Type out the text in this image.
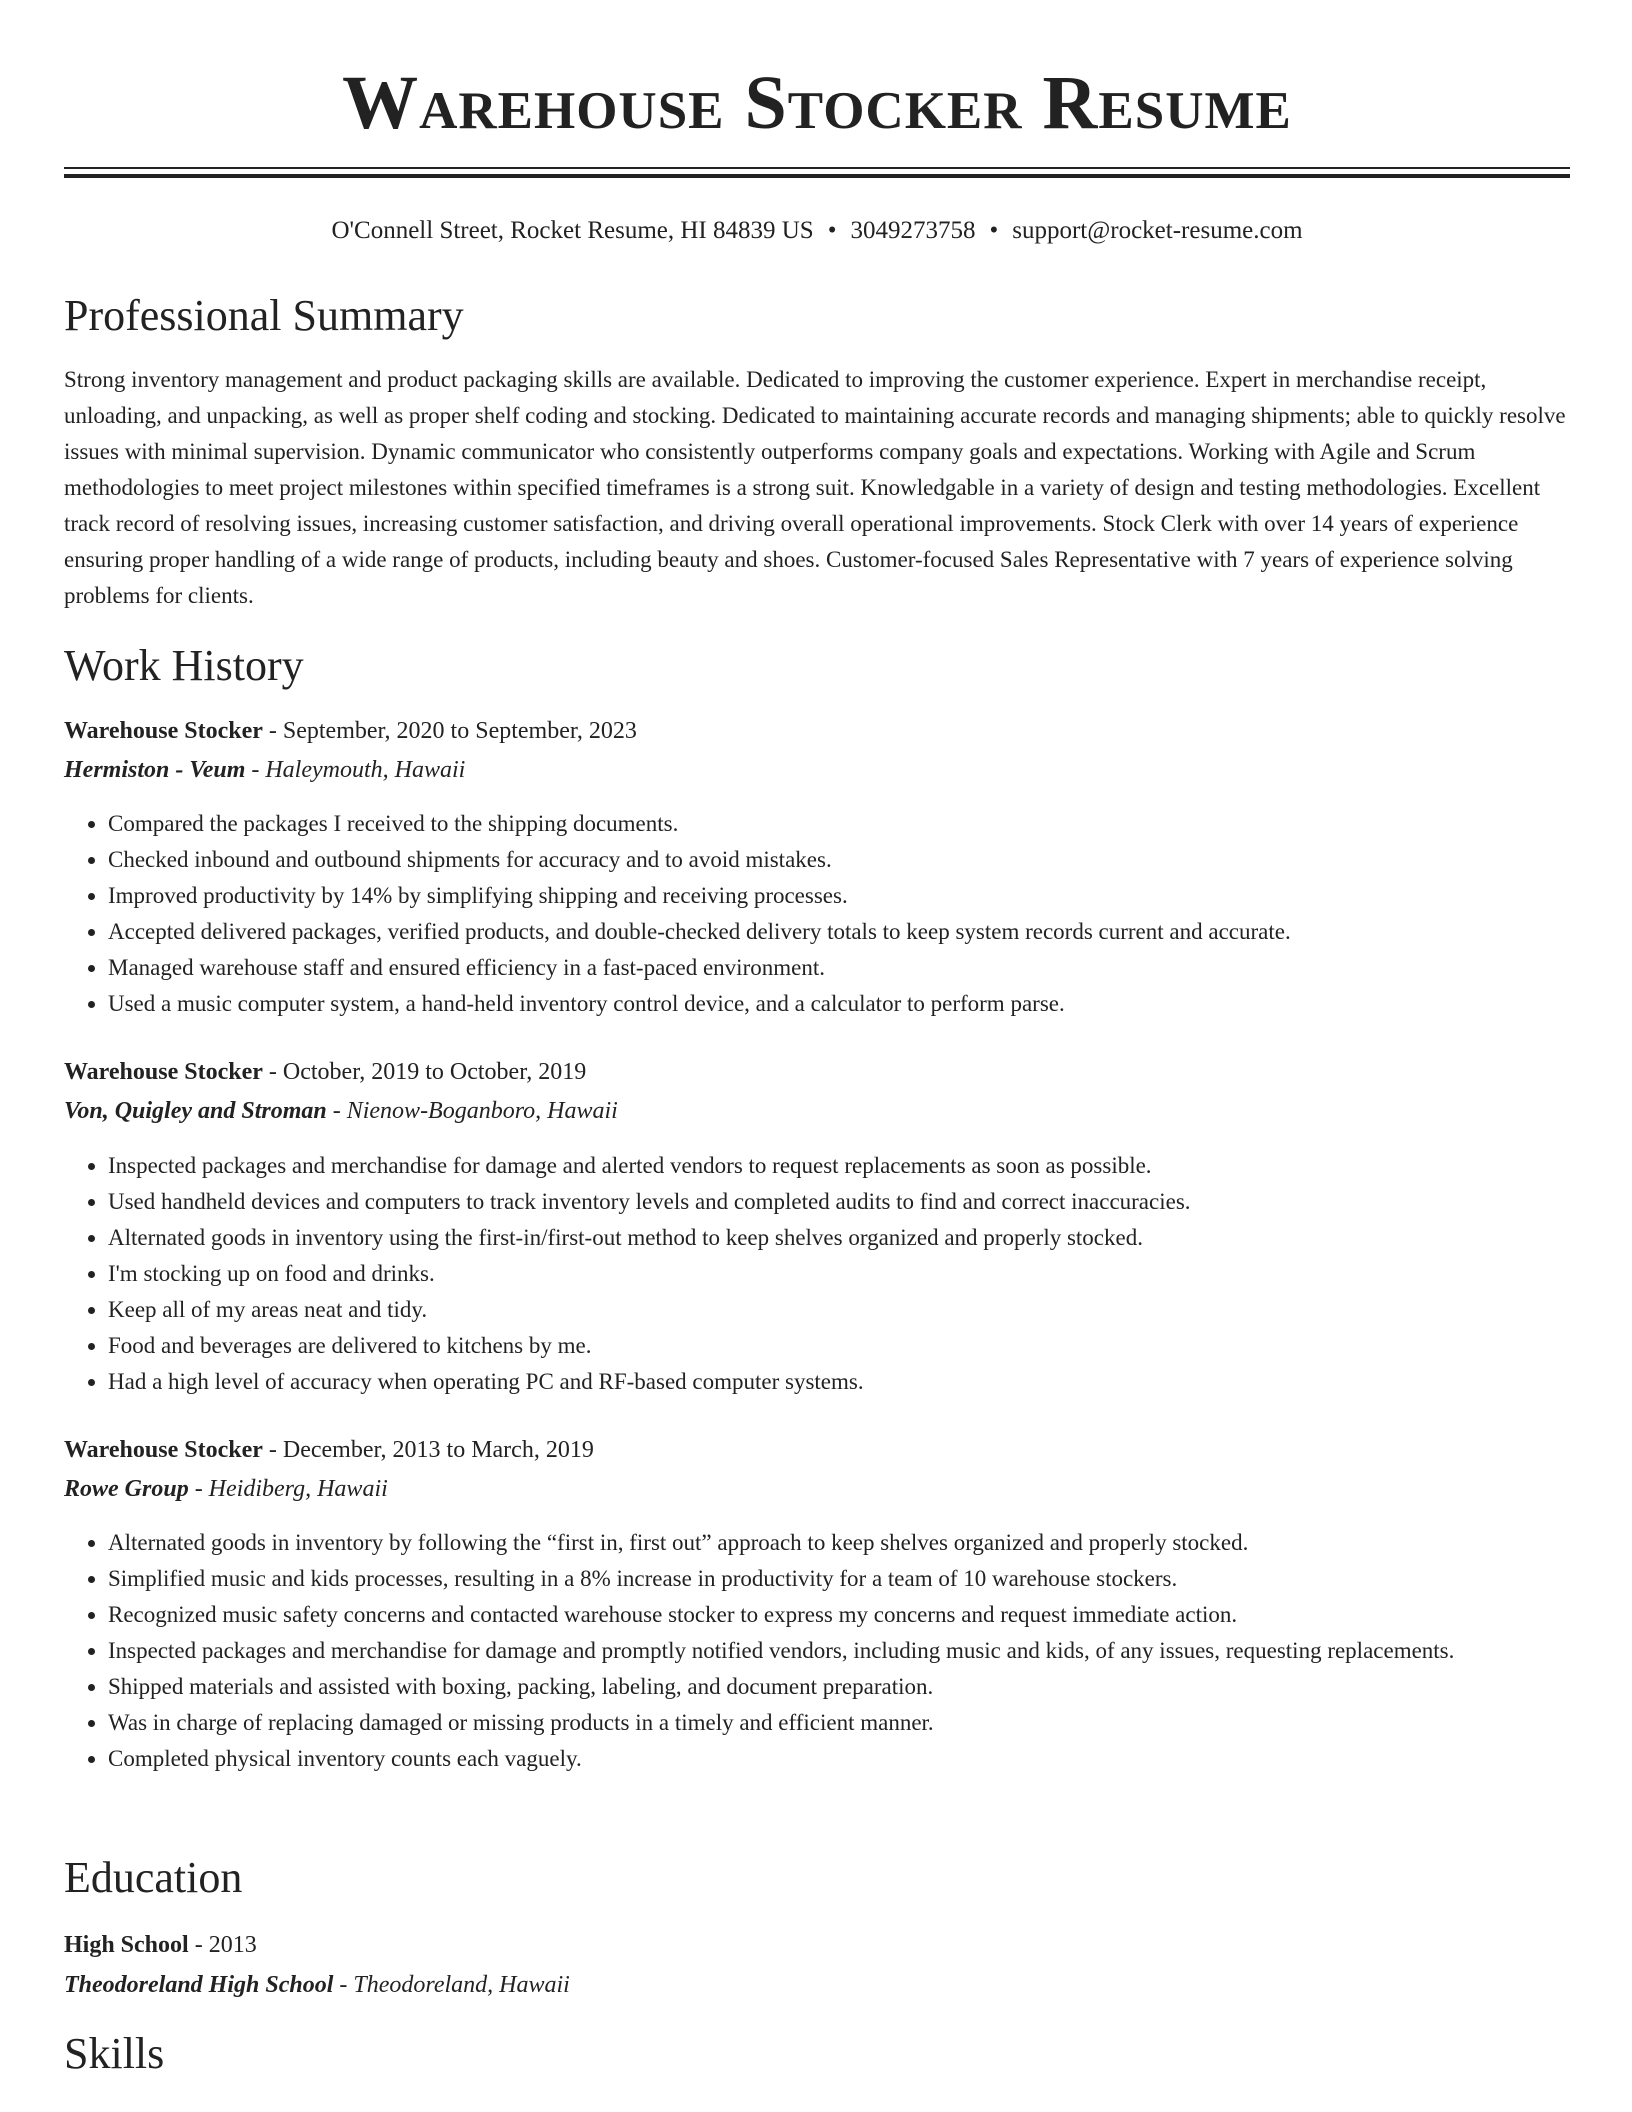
Warehouse Stocker Resume
O'Connell Street, Rocket Resume, HI 84839 US • 3049273758 • support@rocket-resume.com
Professional Summary
Strong inventory management and product packaging skills are available. Dedicated to improving the customer experience. Expert in merchandise receipt, unloading, and unpacking, as well as proper shelf coding and stocking. Dedicated to maintaining accurate records and managing shipments; able to quickly resolve issues with minimal supervision. Dynamic communicator who consistently outperforms company goals and expectations. Working with Agile and Scrum methodologies to meet project milestones within specified timeframes is a strong suit. Knowledgable in a variety of design and testing methodologies. Excellent track record of resolving issues, increasing customer satisfaction, and driving overall operational improvements. Stock Clerk with over 14 years of experience ensuring proper handling of a wide range of products, including beauty and shoes. Customer-focused Sales Representative with 7 years of experience solving problems for clients.
Work History
Warehouse Stocker - September, 2020 to September, 2023
Hermiston - Veum - Haleymouth, Hawaii
• Compared the packages I received to the shipping documents.
• Checked inbound and outbound shipments for accuracy and to avoid mistakes.
• Improved productivity by 14% by simplifying shipping and receiving processes.
• Accepted delivered packages, verified products, and double-checked delivery totals to keep system records current and accurate.
• Managed warehouse staff and ensured efficiency in a fast-paced environment.
• Used a music computer system, a hand-held inventory control device, and a calculator to perform parse.
Warehouse Stocker - October, 2019 to October, 2019
Von, Quigley and Stroman - Nienow-Boganboro, Hawaii
• Inspected packages and merchandise for damage and alerted vendors to request replacements as soon as possible.
• Used handheld devices and computers to track inventory levels and completed audits to find and correct inaccuracies.
• Alternated goods in inventory using the first-in/first-out method to keep shelves organized and properly stocked.
• I'm stocking up on food and drinks.
• Keep all of my areas neat and tidy.
• Food and beverages are delivered to kitchens by me.
• Had a high level of accuracy when operating PC and RF-based computer systems.
Warehouse Stocker - December, 2013 to March, 2019
Rowe Group - Heidiberg, Hawaii
• Alternated goods in inventory by following the “first in, first out” approach to keep shelves organized and properly stocked.
• Simplified music and kids processes, resulting in a 8% increase in productivity for a team of 10 warehouse stockers.
• Recognized music safety concerns and contacted warehouse stocker to express my concerns and request immediate action.
• Inspected packages and merchandise for damage and promptly notified vendors, including music and kids, of any issues, requesting replacements.
• Shipped materials and assisted with boxing, packing, labeling, and document preparation.
• Was in charge of replacing damaged or missing products in a timely and efficient manner.
• Completed physical inventory counts each vaguely.
Education
High School - 2013
Theodoreland High School - Theodoreland, Hawaii
Skills
